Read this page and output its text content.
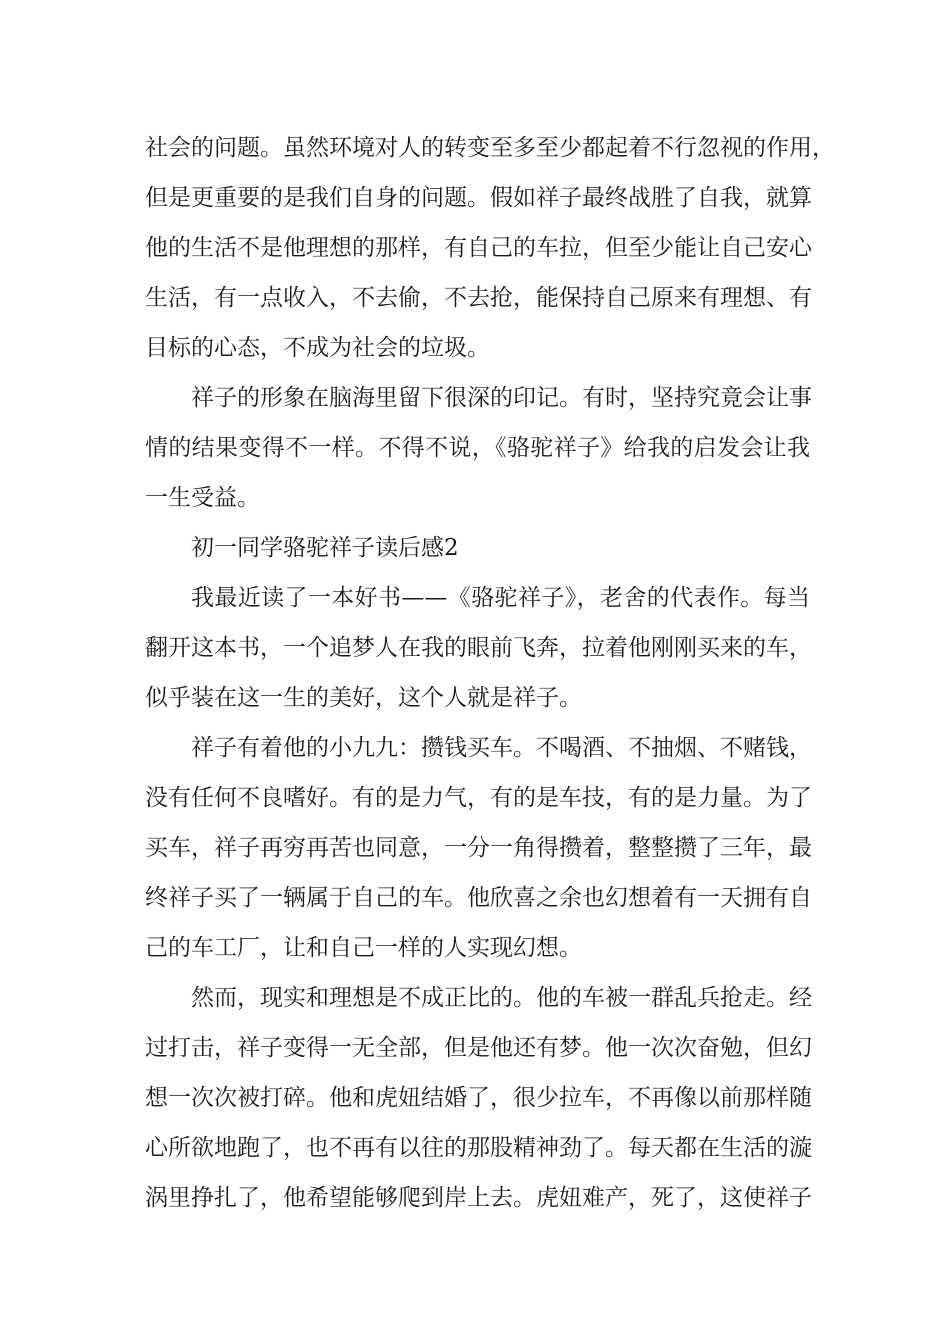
社会的问题。虽然环境对人的转变至多至少都起着不行忽视的作用，
但是更重要的是我们自身的问题。假如祥子最终战胜了自我，就算
他的生活不是他理想的那样，有自己的车拉，但至少能让自己安心
生活，有一点收入，不去偷，不去抢，能保持自己原来有理想、有
目标的心态，不成为社会的垃圾。
祥子的形象在脑海里留下很深的印记。有时，坚持究竟会让事
情的结果变得不一样。不得不说，《骆驼祥子》给我的启发会让我
一生受益。
初一同学骆驼祥子读后感2
我最近读了一本好书——《骆驼祥子》，老舍的代表作。每当
翻开这本书，一个追梦人在我的眼前飞奔，拉着他刚刚买来的车，
似乎装在这一生的美好，这个人就是祥子。
祥子有着他的小九九：攒钱买车。不喝酒、不抽烟、不赌钱，
没有任何不良嗜好。有的是力气，有的是车技，有的是力量。为了
买车，祥子再穷再苦也同意，一分一角得攒着，整整攒了三年，最
终祥子买了一辆属于自己的车。他欣喜之余也幻想着有一天拥有自
己的车工厂，让和自己一样的人实现幻想。
然而，现实和理想是不成正比的。他的车被一群乱兵抢走。经
过打击，祥子变得一无全部，但是他还有梦。他一次次奋勉，但幻
想一次次被打碎。他和虎妞结婚了，很少拉车，不再像以前那样随
心所欲地跑了，也不再有以往的那股精神劲了。每天都在生活的漩
涡里挣扎了，他希望能够爬到岸上去。虎妞难产，死了，这使祥子
